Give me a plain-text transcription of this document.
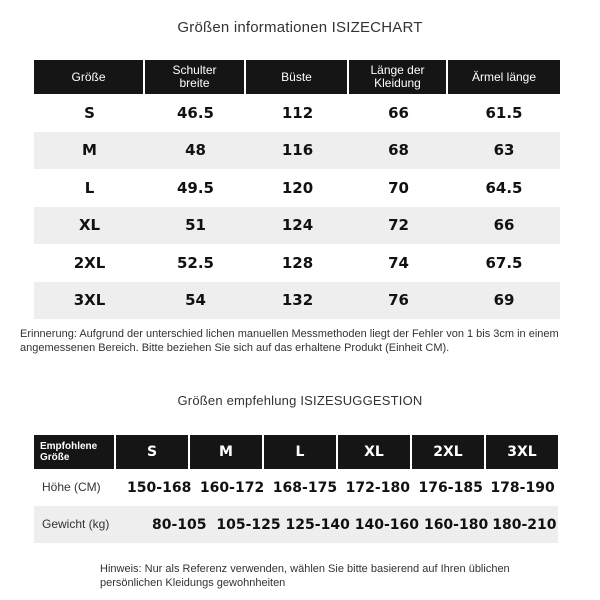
Größen informationen ISIZECHART
Größe	Schulter breite	Büste	Länge der Kleidung	Ärmel länge
S	46.5	112	66	61.5
M	48	116	68	63
L	49.5	120	70	64.5
XL	51	124	72	66
2XL	52.5	128	74	67.5
3XL	54	132	76	69
Erinnerung: Aufgrund der unterschied lichen manuellen Messmethoden liegt der Fehler von 1 bis 3cm in einem angemessenen Bereich. Bitte beziehen Sie sich auf das erhaltene Produkt (Einheit CM).
Größen empfehlung ISIZESUGGESTION
Empfohlene Größe	S	M	L	XL	2XL	3XL
Höhe (CM)	150-168 160-172 168-175 172-180 176-185 178-190
Gewicht (kg)	80-105 105-125 125-140 140-160 160-180 180-210
Hinweis: Nur als Referenz verwenden, wählen Sie bitte basierend auf Ihren üblichen persönlichen Kleidungs gewohnheiten
